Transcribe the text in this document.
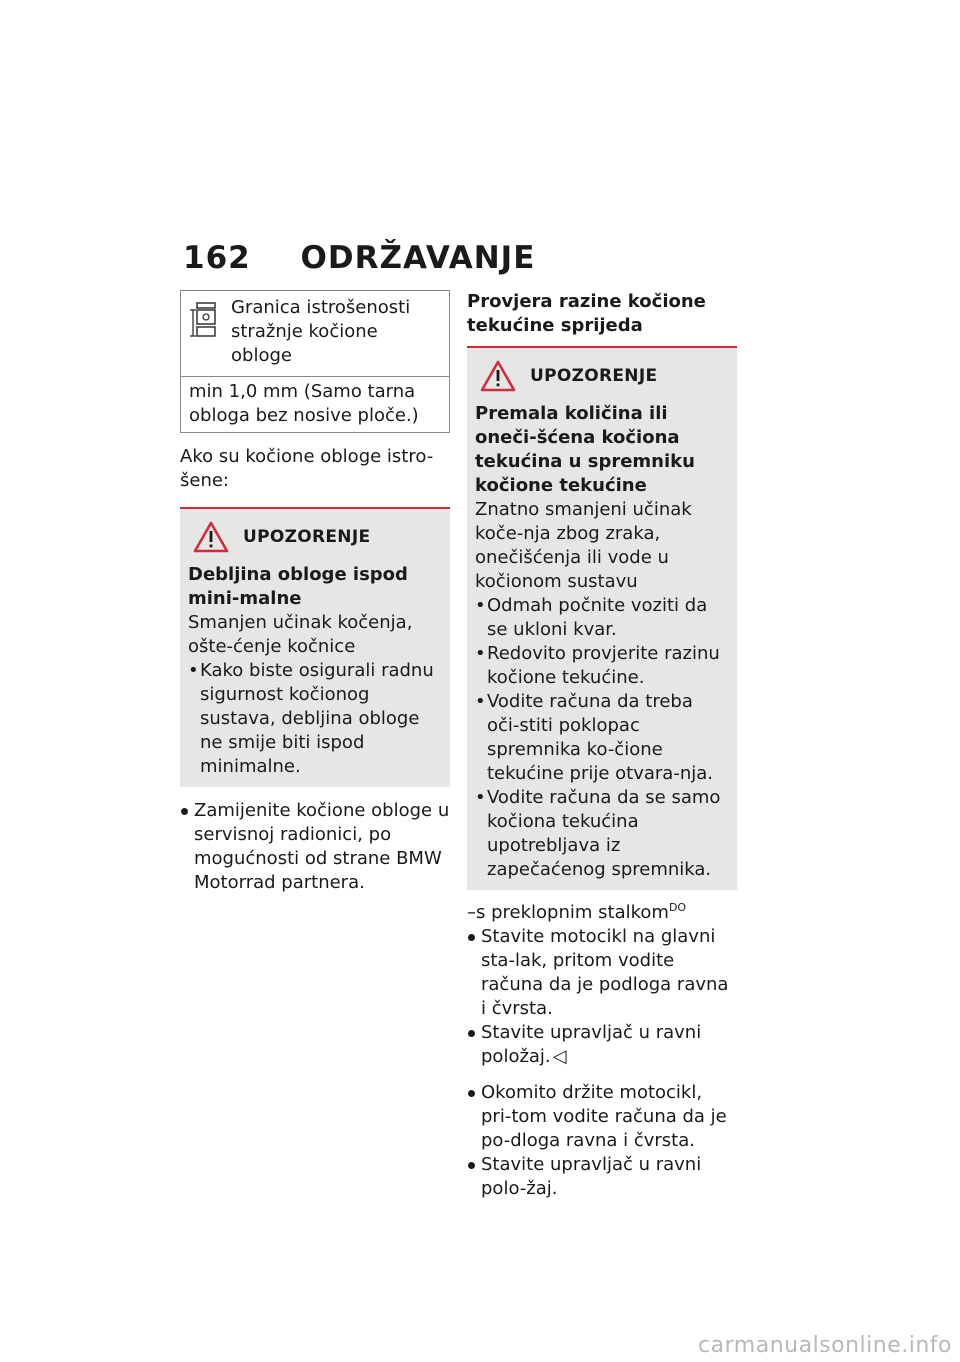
162 ODRŽAVANJE
Granica istrošenosti stražnje kočione obloge
min 1,0 mm (Samo tarna obloga bez nosive ploče.)

Ako su kočione obloge istro-šene:

UPOZORENJE
Debljina obloge ispod mini-malne
Smanjen učinak kočenja, ošte-ćenje kočnice
• Kako biste osigurali radnu sigurnost kočionog sustava, debljina obloge ne smije biti ispod minimalne.
Zamijenite kočione obloge u servisnoj radionici, po mogućnosti od strane BMW Motorrad partnera.
Provjera razine kočione tekućine sprijeda
UPOZORENJE
Premala količina ili oneči-šćena kočiona tekućina u spremniku kočione tekućine
Znatno smanjeni učinak koče-nja zbog zraka, onečišćenja ili vode u kočionom sustavu
• Odmah počnite voziti da se ukloni kvar.
• Redovito provjerite razinu kočione tekućine.
• Vodite računa da treba oči-stiti poklopac spremnika ko-čione tekućine prije otvara-nja.
• Vodite računa da se samo kočiona tekućina upotrebljava iz zapečaćenog spremnika.
–s preklopnim stalkom$^{DO}$
Stavite motocikl na glavni sta-lak, pritom vodite računa da je podloga ravna i čvrsta.
Stavite upravljač u ravni položaj. ◁
Okomito držite motocikl, pri-tom vodite računa da je po-dloga ravna i čvrsta.
Stavite upravljač u ravni polo-žaj.
carmanualsonline.info
